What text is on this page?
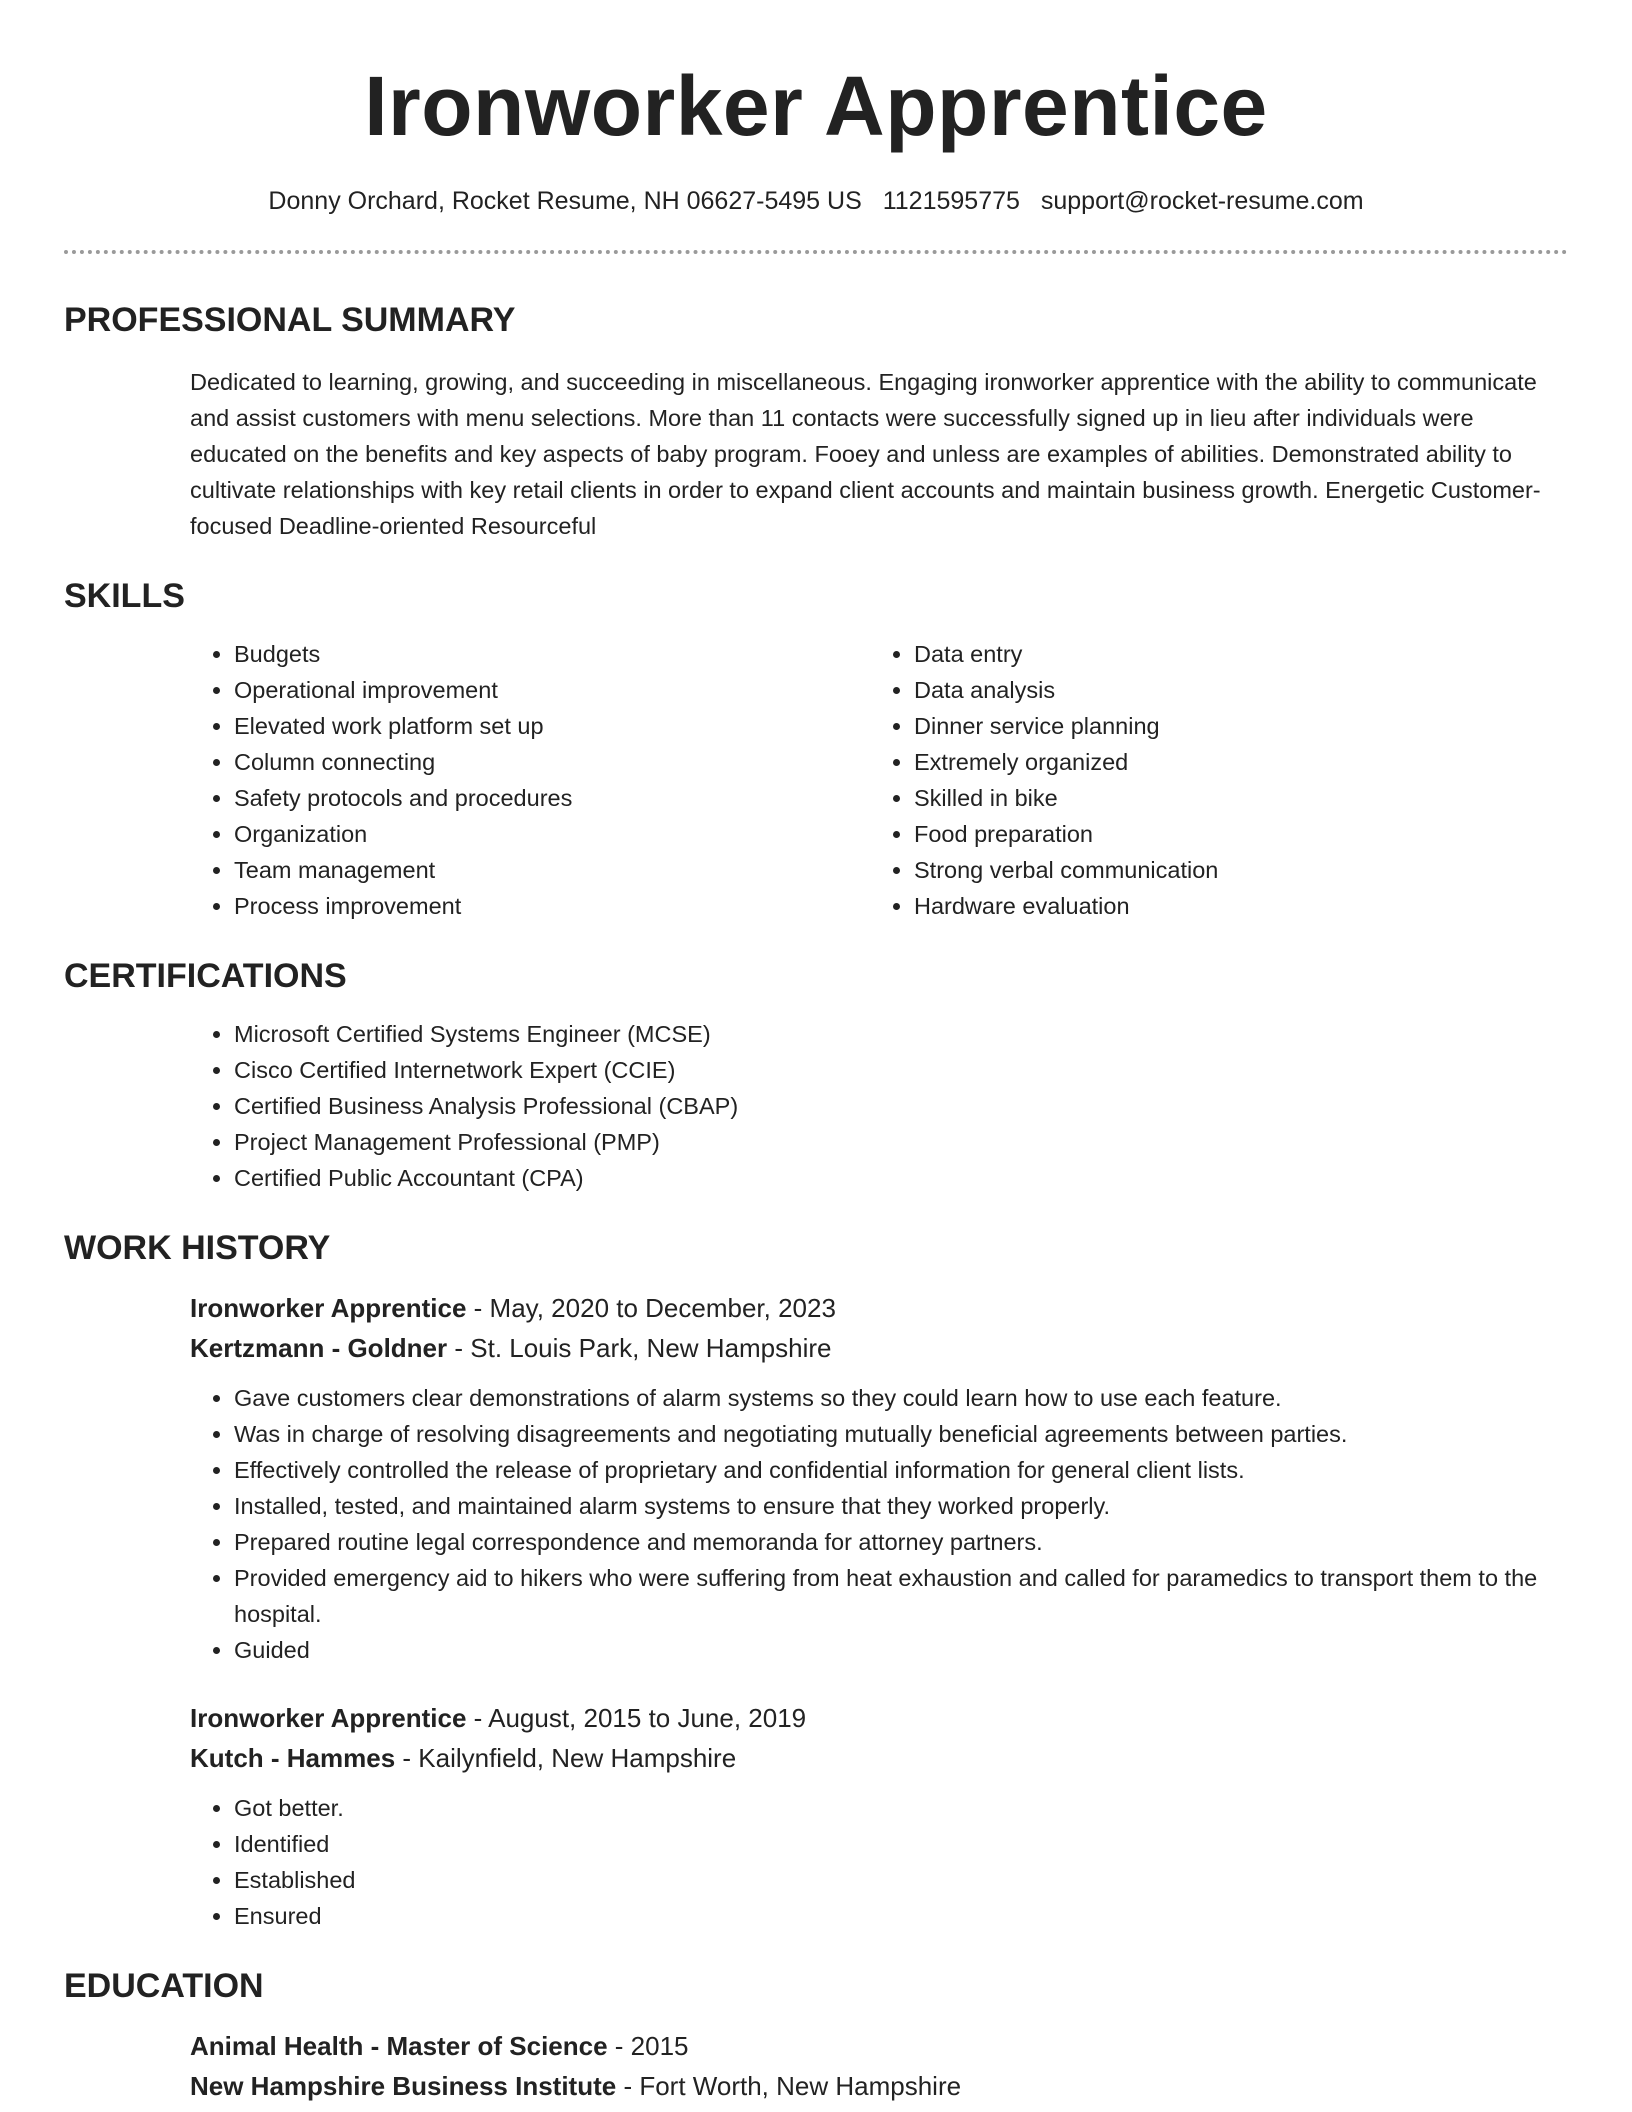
Ironworker Apprentice
Donny Orchard, Rocket Resume, NH 06627-5495 US 1121595775 support@rocket-resume.com
PROFESSIONAL SUMMARY

Dedicated to learning, growing, and succeeding in miscellaneous. Engaging ironworker apprentice with the ability to communicate and assist customers with menu selections. More than 11 contacts were successfully signed up in lieu after individuals were educated on the benefits and key aspects of baby program. Fooey and unless are examples of abilities. Demonstrated ability to cultivate relationships with key retail clients in order to expand client accounts and maintain business growth. Energetic Customer-focused Deadline-oriented Resourceful

SKILLS
• Budgets
• Operational improvement
• Elevated work platform set up
• Column connecting
• Safety protocols and procedures
• Organization
• Team management
• Process improvement
• Data entry
• Data analysis
• Dinner service planning
• Extremely organized
• Skilled in bike
• Food preparation
• Strong verbal communication
• Hardware evaluation
CERTIFICATIONS
• Microsoft Certified Systems Engineer (MCSE)
• Cisco Certified Internetwork Expert (CCIE)
• Certified Business Analysis Professional (CBAP)
• Project Management Professional (PMP)
• Certified Public Accountant (CPA)
WORK HISTORY

Ironworker Apprentice - May, 2020 to December, 2023

Kertzmann - Goldner - St. Louis Park, New Hampshire

• Gave customers clear demonstrations of alarm systems so they could learn how to use each feature.
• Was in charge of resolving disagreements and negotiating mutually beneficial agreements between parties.
• Effectively controlled the release of proprietary and confidential information for general client lists.
• Installed, tested, and maintained alarm systems to ensure that they worked properly.
• Prepared routine legal correspondence and memoranda for attorney partners.
• Provided emergency aid to hikers who were suffering from heat exhaustion and called for paramedics to transport them to the hospital.
• Guided

Ironworker Apprentice - August, 2015 to June, 2019

Kutch - Hammes - Kailynfield, New Hampshire

• Got better.
• Identified
• Established
• Ensured
EDUCATION

Animal Health - Master of Science - 2015

New Hampshire Business Institute - Fort Worth, New Hampshire
